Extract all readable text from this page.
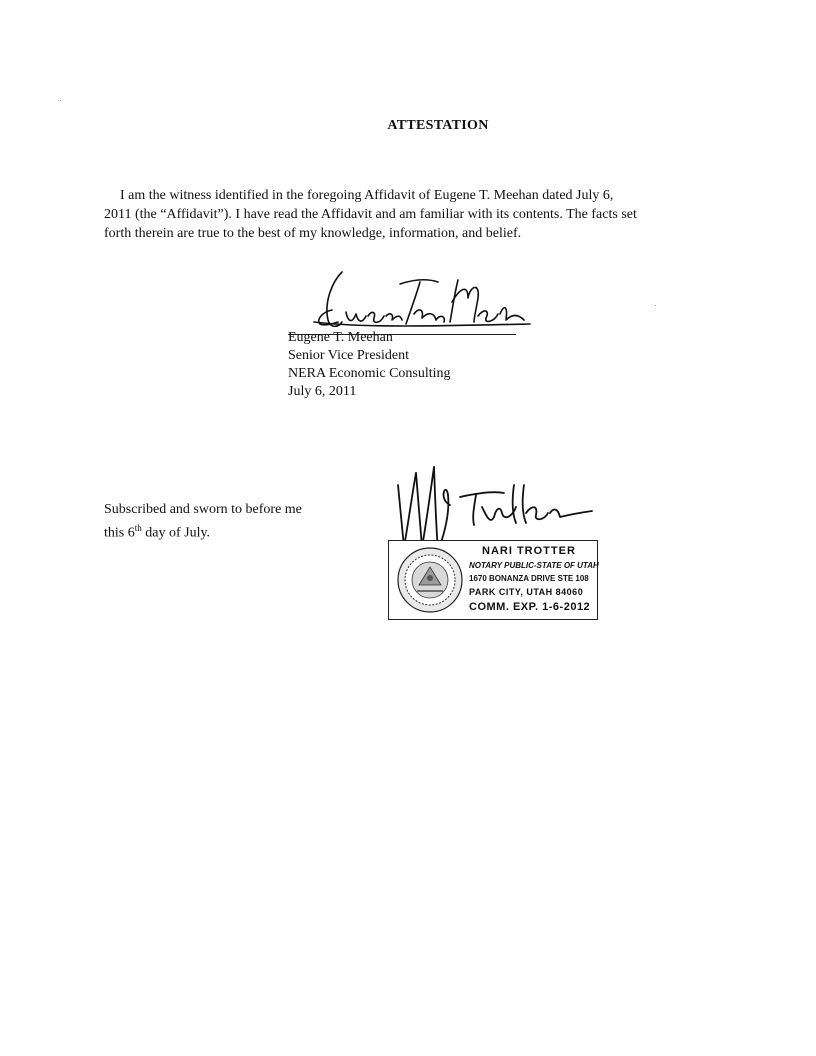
ATTESTATION
I am the witness identified in the foregoing Affidavit of Eugene T. Meehan dated July 6,
2011 (the “Affidavit”). I have read the Affidavit and am familiar with its contents. The facts set
forth therein are true to the best of my knowledge, information, and belief.
Eugene T. Meehan
Senior Vice President
NERA Economic Consulting
July 6, 2011
Subscribed and sworn to before me
this 6th day of July.
NARI TROTTER
NOTARY PUBLIC-STATE OF UTAH
1670 BONANZA DRIVE STE 108
PARK CITY, UTAH 84060
COMM. EXP. 1-6-2012
